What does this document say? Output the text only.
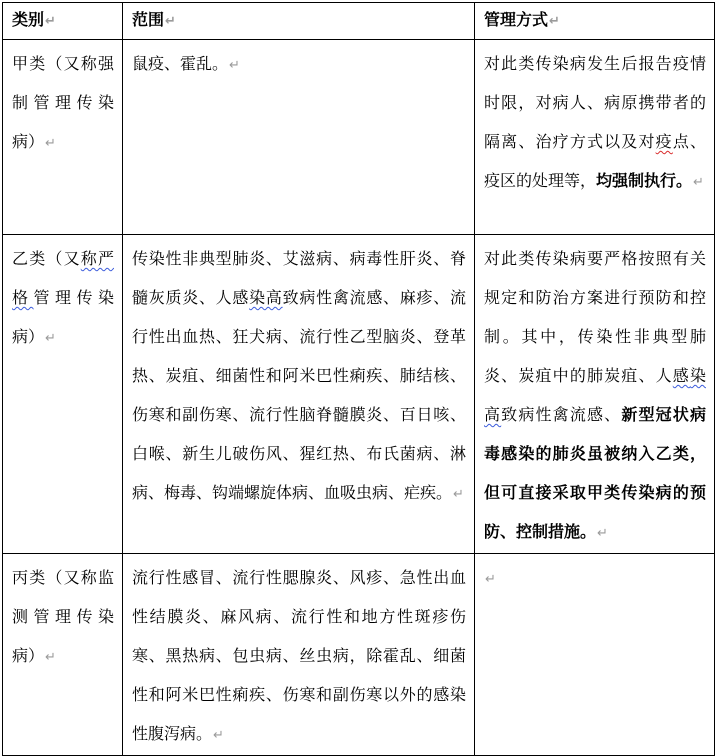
类别↵	范围↵	管理方式↵
甲类（又称强制管理传染病）↵	鼠疫、霍乱。↵	对此类传染病发生后报告疫情时限，对病人、病原携带者的隔离、治疗方式以及对疫点、疫区的处理等，均强制执行。↵
乙类（又称严格管理传染病）↵	传染性非典型肺炎、艾滋病、病毒性肝炎、脊髓灰质炎、人感染高致病性禽流感、麻疹、流行性出血热、狂犬病、流行性乙型脑炎、登革热、炭疽、细菌性和阿米巴性痢疾、肺结核、伤寒和副伤寒、流行性脑脊髓膜炎、百日咳、白喉、新生儿破伤风、猩红热、布氏菌病、淋病、梅毒、钩端螺旋体病、血吸虫病、疟疾。↵	对此类传染病要严格按照有关规定和防治方案进行预防和控制。其中，传染性非典型肺炎、炭疽中的肺炭疽、人感染高致病性禽流感、新型冠状病毒感染的肺炎虽被纳入乙类，但可直接采取甲类传染病的预防、控制措施。↵
丙类（又称监测管理传染病）↵	流行性感冒、流行性腮腺炎、风疹、急性出血性结膜炎、麻风病、流行性和地方性斑疹伤寒、黑热病、包虫病、丝虫病，除霍乱、细菌性和阿米巴性痢疾、伤寒和副伤寒以外的感染性腹泻病。↵	↵
